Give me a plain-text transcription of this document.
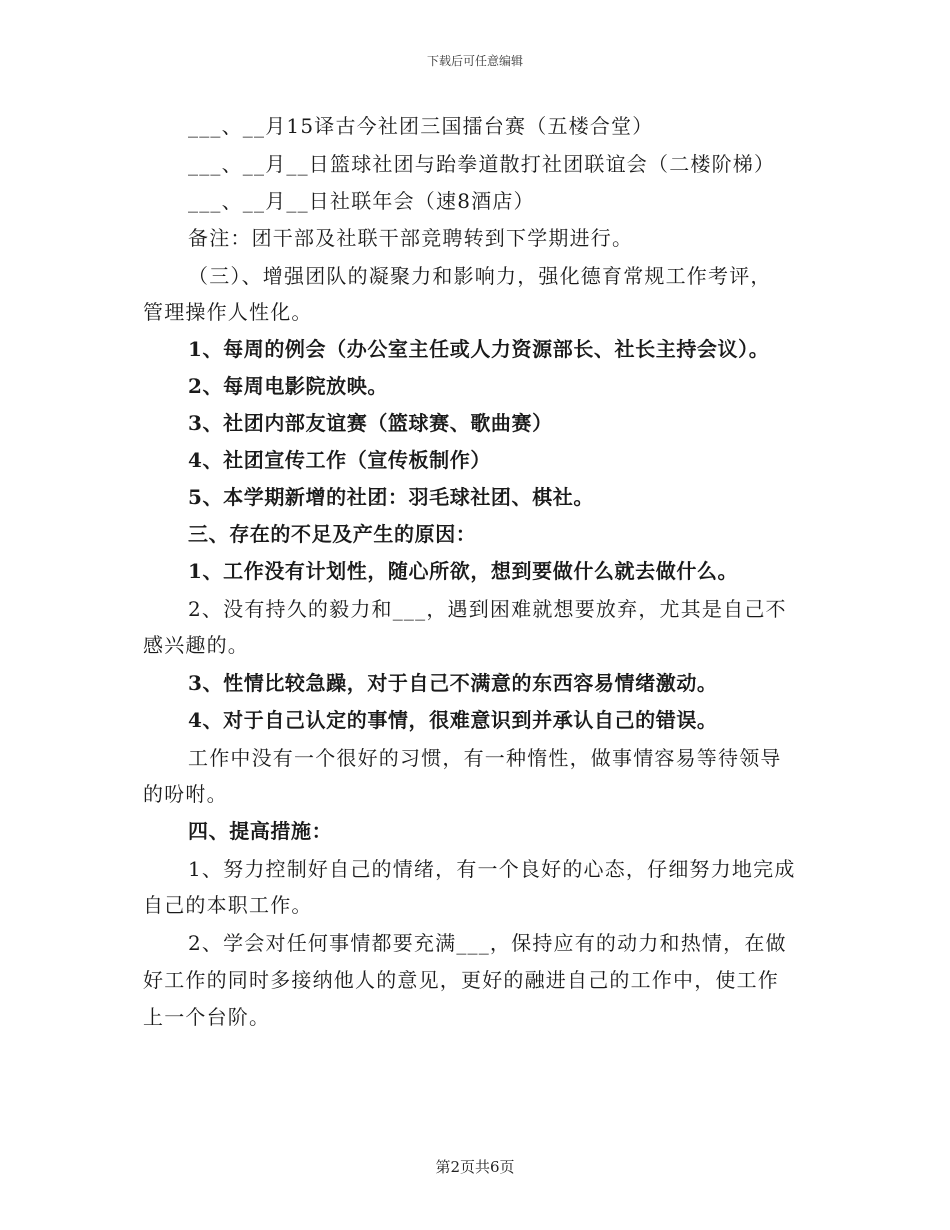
下载后可任意编辑
___、__月15译古今社团三国擂台赛（五楼合堂）
___、__月__日篮球社团与跆拳道散打社团联谊会（二楼阶梯）
___、__月__日社联年会（速8酒店）
备注：团干部及社联干部竞聘转到下学期进行。
（三）、增强团队的凝聚力和影响力，强化德育常规工作考评，
管理操作人性化。
1、每周的例会（办公室主任或人力资源部长、社长主持会议）。
2、每周电影院放映。
3、社团内部友谊赛（篮球赛、歌曲赛）
4、社团宣传工作（宣传板制作）
5、本学期新增的社团：羽毛球社团、棋社。
三、存在的不足及产生的原因：
1、工作没有计划性，随心所欲，想到要做什么就去做什么。
2、没有持久的毅力和___，遇到困难就想要放弃，尤其是自己不
感兴趣的。
3、性情比较急躁，对于自己不满意的东西容易情绪激动。
4、对于自己认定的事情，很难意识到并承认自己的错误。
工作中没有一个很好的习惯，有一种惰性，做事情容易等待领导
的吩咐。
四、提高措施：
1、努力控制好自己的情绪，有一个良好的心态，仔细努力地完成
自己的本职工作。
2、学会对任何事情都要充满___，保持应有的动力和热情，在做
好工作的同时多接纳他人的意见，更好的融进自己的工作中，使工作
上一个台阶。
第2页共6页
